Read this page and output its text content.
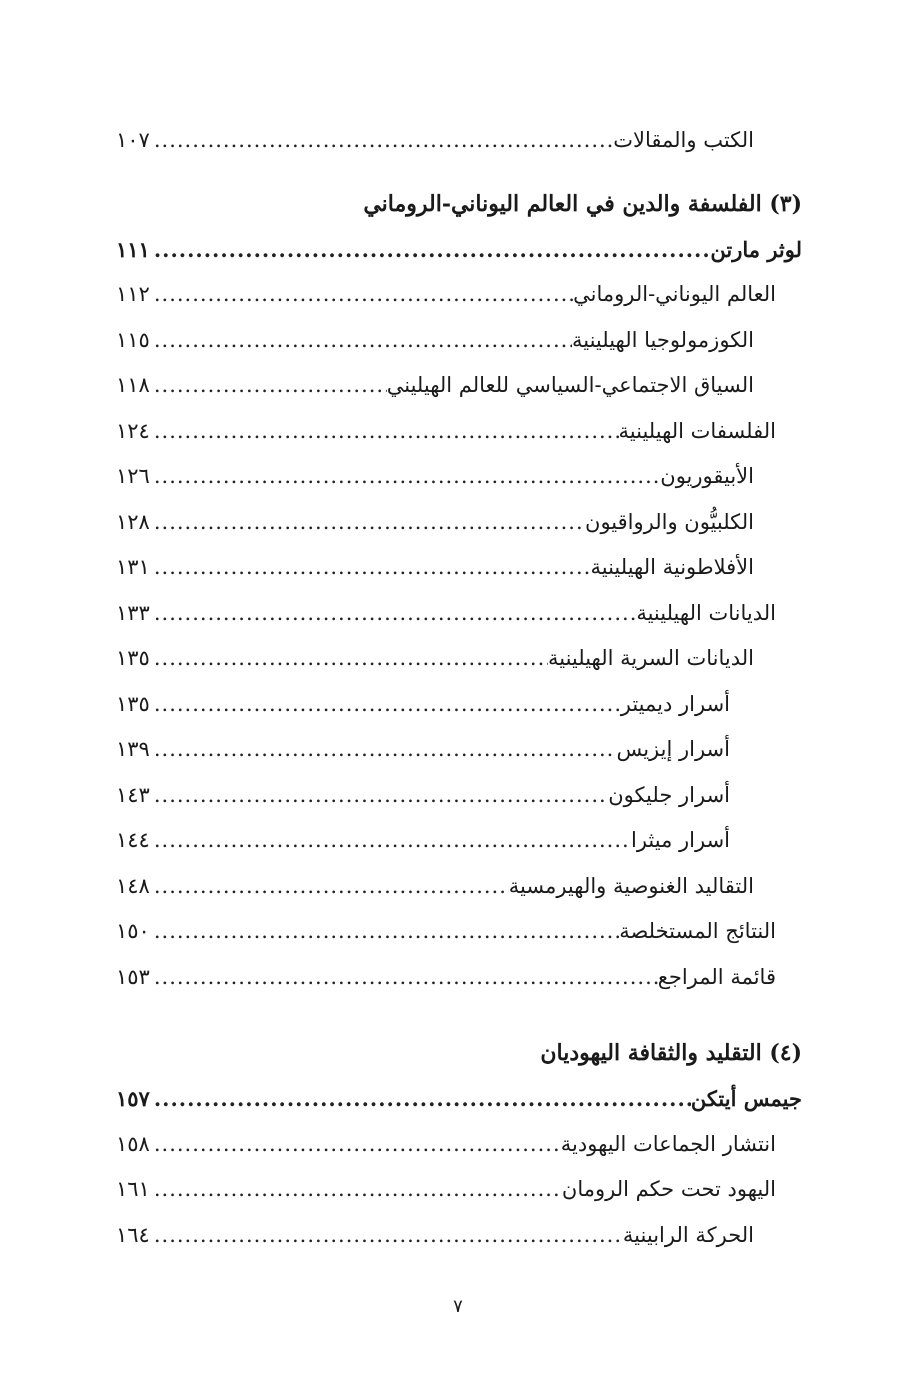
الكتب والمقالات
.....
١٠٧
(٣) الفلسفة والدين في العالم اليوناني-الروماني
لوثر مارتن
.....
١١١
العالم اليوناني-الروماني
.....
١١٢
الكوزمولوجيا الهيلينية
.....
١١٥
السياق الاجتماعي-السياسي للعالم الهيليني
.....
١١٨
الفلسفات الهيلينية
.....
١٢٤
الأبيقوريون
.....
١٢٦
الكلبيُّون والرواقيون
.....
١٢٨
الأفلاطونية الهيلينية
.....
١٣١
الديانات الهيلينية
.....
١٣٣
الديانات السرية الهيلينية
.....
١٣٥
أسرار ديميتر
.....
١٣٥
أسرار إيزيس
.....
١٣٩
أسرار جليكون
.....
١٤٣
أسرار ميثرا
.....
١٤٤
التقاليد الغنوصية والهيرمسية
.....
١٤٨
النتائج المستخلصة
.....
١٥٠
قائمة المراجع
.....
١٥٣
(٤) التقليد والثقافة اليهوديان
جيمس أيتكن
.....
١٥٧
انتشار الجماعات اليهودية
.....
١٥٨
اليهود تحت حكم الرومان
.....
١٦١
الحركة الرابينية
.....
١٦٤
٧
